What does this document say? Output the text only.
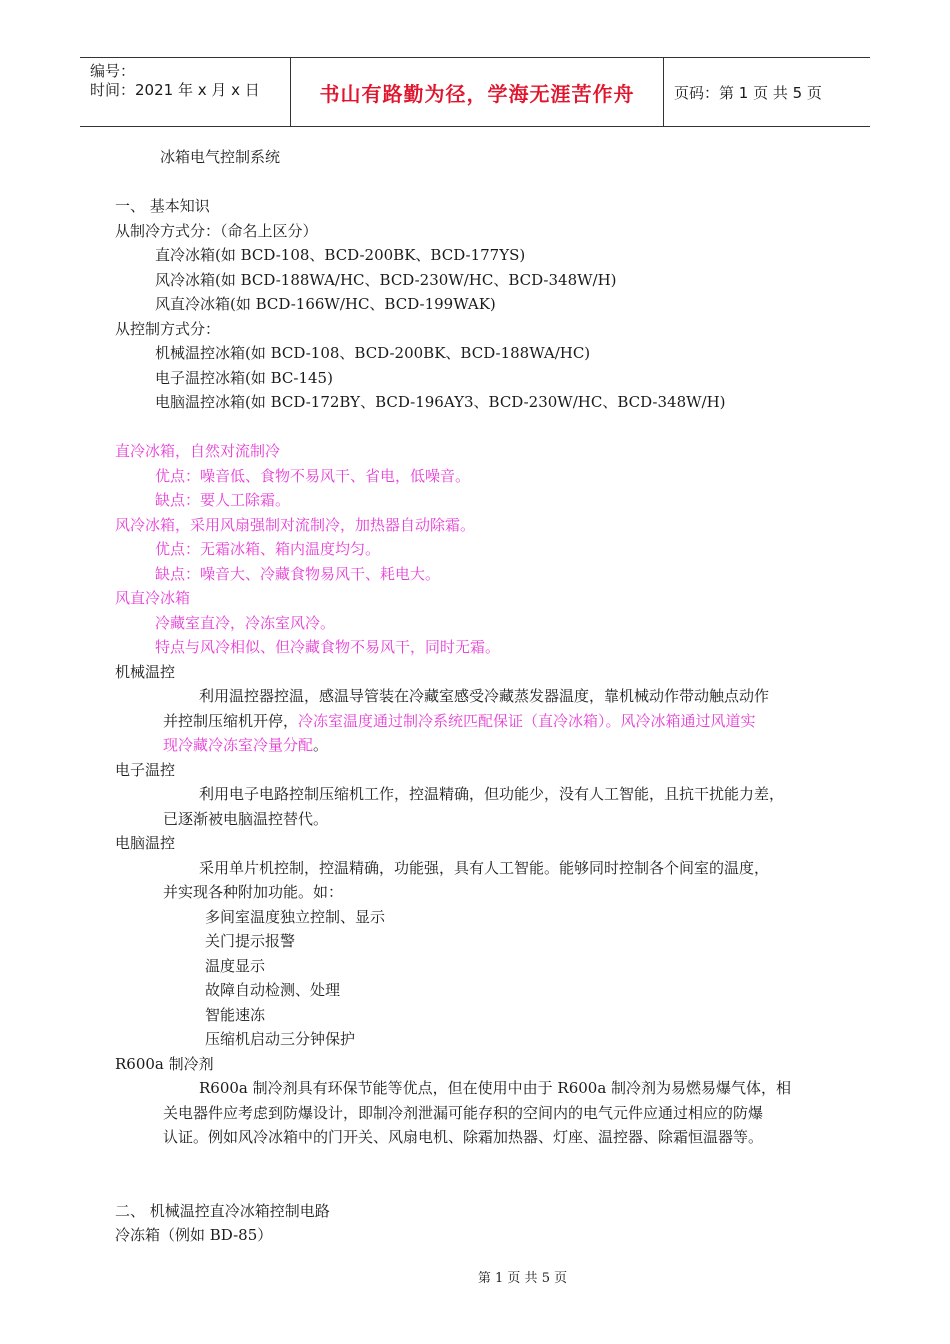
编号：
时间：2021 年 x 月 x 日	书山有路勤为径，学海无涯苦作舟	页码：第 1 页 共 5 页
冰箱电气控制系统
一、 基本知识
从制冷方式分：（命名上区分）
直冷冰箱(如 BCD-108、BCD-200BK、BCD-177YS)
风冷冰箱(如 BCD-188WA/HC、BCD-230W/HC、BCD-348W/H)
风直冷冰箱(如 BCD-166W/HC、BCD-199WAK)
从控制方式分：
机械温控冰箱(如 BCD-108、BCD-200BK、BCD-188WA/HC)
电子温控冰箱(如 BC-145)
电脑温控冰箱(如 BCD-172BY、BCD-196AY3、BCD-230W/HC、BCD-348W/H)
直冷冰箱，自然对流制冷
优点：噪音低、食物不易风干、省电，低噪音。
缺点：要人工除霜。
风冷冰箱，采用风扇强制对流制冷，加热器自动除霜。
优点：无霜冰箱、箱内温度均匀。
缺点：噪音大、冷藏食物易风干、耗电大。
风直冷冰箱
冷藏室直冷，冷冻室风冷。
特点与风冷相似、但冷藏食物不易风干，同时无霜。
机械温控
利用温控器控温，感温导管装在冷藏室感受冷藏蒸发器温度，靠机械动作带动触点动作
并控制压缩机开停，冷冻室温度通过制冷系统匹配保证（直冷冰箱）。风冷冰箱通过风道实
现冷藏冷冻室冷量分配。
电子温控
利用电子电路控制压缩机工作，控温精确，但功能少，没有人工智能，且抗干扰能力差，
已逐渐被电脑温控替代。
电脑温控
采用单片机控制，控温精确，功能强，具有人工智能。能够同时控制各个间室的温度，
并实现各种附加功能。如：
多间室温度独立控制、显示
关门提示报警
温度显示
故障自动检测、处理
智能速冻
压缩机启动三分钟保护
R600a 制冷剂
R600a 制冷剂具有环保节能等优点，但在使用中由于 R600a 制冷剂为易燃易爆气体，相
关电器件应考虑到防爆设计，即制冷剂泄漏可能存积的空间内的电气元件应通过相应的防爆
认证。例如风冷冰箱中的门开关、风扇电机、除霜加热器、灯座、温控器、除霜恒温器等。
二、 机械温控直冷冰箱控制电路
冷冻箱（例如 BD-85）
第 1 页 共 5 页
